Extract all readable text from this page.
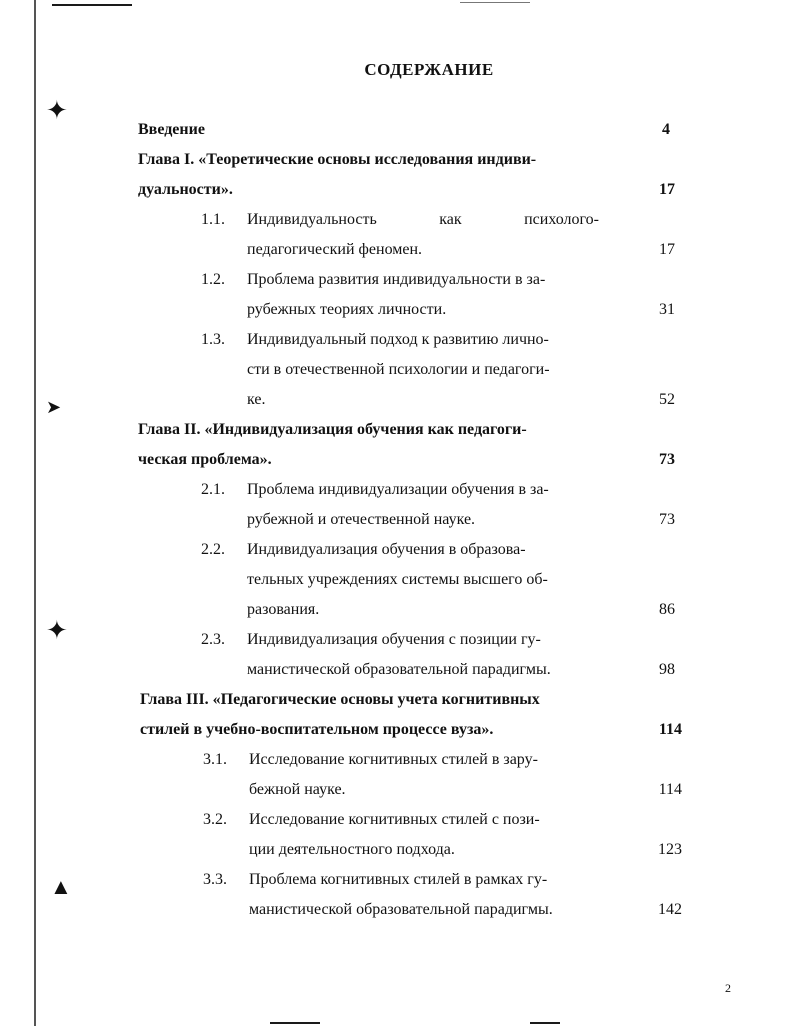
✦
➤
✦
▲
СОДЕРЖАНИЕ
Введение	4
Глава I. «Теоретические основы исследования индиви-
дуальности».	17
1.1. Индивидуальность	как	психолого-
педагогический феномен.	17
1.2. Проблема развития индивидуальности в за-
рубежных теориях личности.	31
1.3. Индивидуальный подход к развитию лично-
сти в отечественной психологии и педагоги-
ке.	52
Глава II. «Индивидуализация обучения как педагоги-
ческая проблема».	73
2.1. Проблема индивидуализации обучения в за-
рубежной и отечественной науке.	73
2.2. Индивидуализация обучения в образова-
тельных учреждениях системы высшего об-
разования.	86
2.3. Индивидуализация обучения с позиции гу-
манистической образовательной парадигмы.	98
Глава III. «Педагогические основы учета когнитивных
стилей в учебно-воспитательном процессе вуза».	114
3.1. Исследование когнитивных стилей в зару-
бежной науке.	114
3.2. Исследование когнитивных стилей с пози-
ции деятельностного подхода.	123
3.3. Проблема когнитивных стилей в рамках гу-
манистической образовательной парадигмы.	142
2
